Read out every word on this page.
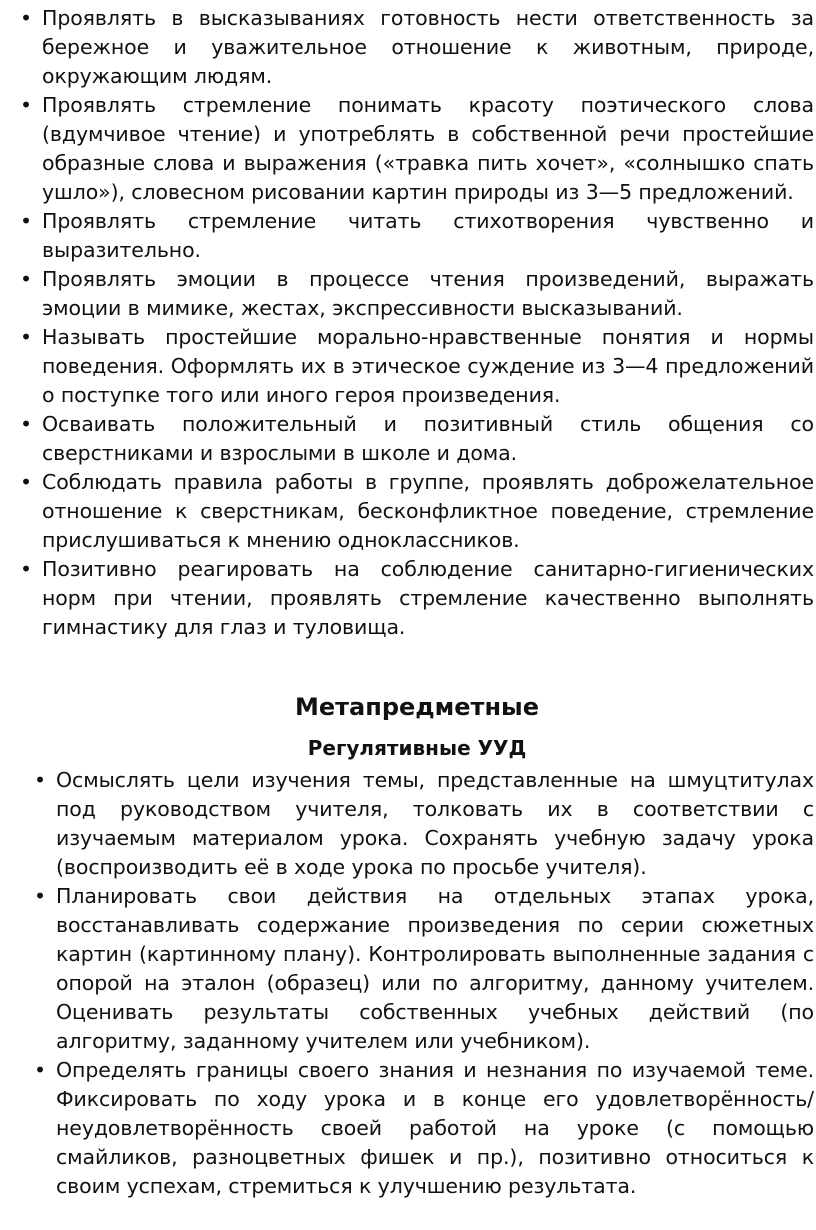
• Проявлять в высказываниях готовность нести ответственность за бережное и уважительное отношение к животным, природе, окружающим людям.
• Проявлять стремление понимать красоту поэтического слова (вдумчивое чтение) и употреблять в собственной речи простейшие образные слова и выражения («травка пить хочет», «солнышко спать ушло»), словесном рисовании картин природы из 3—5 предложений.
• Проявлять стремление читать стихотворения чувственно и выразительно.
• Проявлять эмоции в процессе чтения произведений, выражать эмоции в мимике, жестах, экспрессивности высказываний.
• Называть простейшие морально-нравственные понятия и нормы поведения. Оформлять их в этическое суждение из 3—4 предложений о поступке того или иного героя произведения.
• Осваивать положительный и позитивный стиль общения со сверстниками и взрослыми в школе и дома.
• Соблюдать правила работы в группе, проявлять доброжелательное отношение к сверстникам, бесконфликтное поведение, стремление прислушиваться к мнению одноклассников.
• Позитивно реагировать на соблюдение санитарно-гигиенических норм при чтении, проявлять стремление качественно выполнять гимнастику для глаз и туловища.
Метапредметные
Регулятивные УУД
• Осмыслять цели изучения темы, представленные на шмуцтитулах под руководством учителя, толковать их в соответствии с изучаемым материалом урока. Сохранять учебную задачу урока (воспроизводить её в ходе урока по просьбе учителя).
• Планировать свои действия на отдельных этапах урока, восстанавливать содержание произведения по серии сюжетных картин (картинному плану). Контролировать выполненные задания с опорой на эталон (образец) или по алгоритму, данному учителем. Оценивать результаты собственных учебных действий (по алгоритму, заданному учителем или учебником).
• Определять границы своего знания и незнания по изучаемой теме. Фиксировать по ходу урока и в конце его удовлетворённость/неудовлетворённость своей работой на уроке (с помощью смайликов, разноцветных фишек и пр.), позитивно относиться к своим успехам, стремиться к улучшению результата.
